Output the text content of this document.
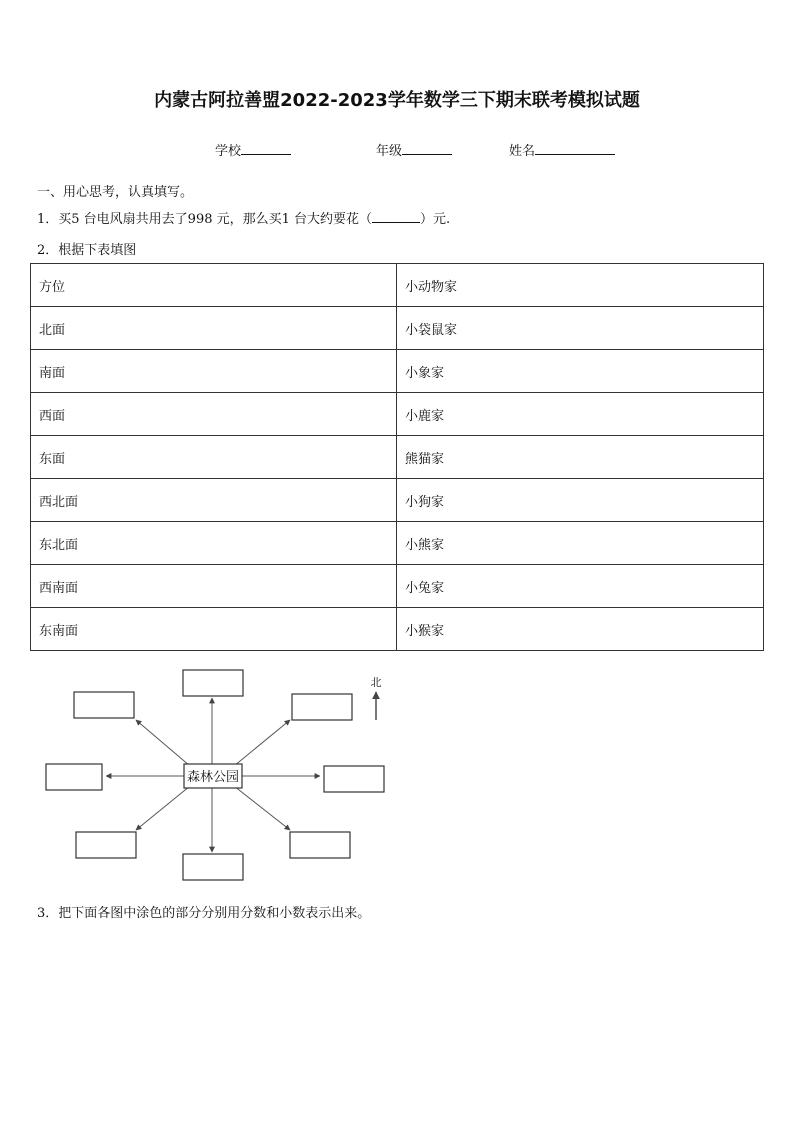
内蒙古阿拉善盟2022-2023学年数学三下期末联考模拟试题
学校	年级	姓名
一、用心思考，认真填写。
1．买5 台电风扇共用去了998 元，那么买1 台大约要花（	）元.
2．根据下表填图
方位	小动物家
北面	小袋鼠家
南面	小象家
西面	小鹿家
东面	熊猫家
西北面	小狗家
东北面	小熊家
西南面	小兔家
东南面	小猴家
森林公园
北
3．把下面各图中涂色的部分分别用分数和小数表示出来。
